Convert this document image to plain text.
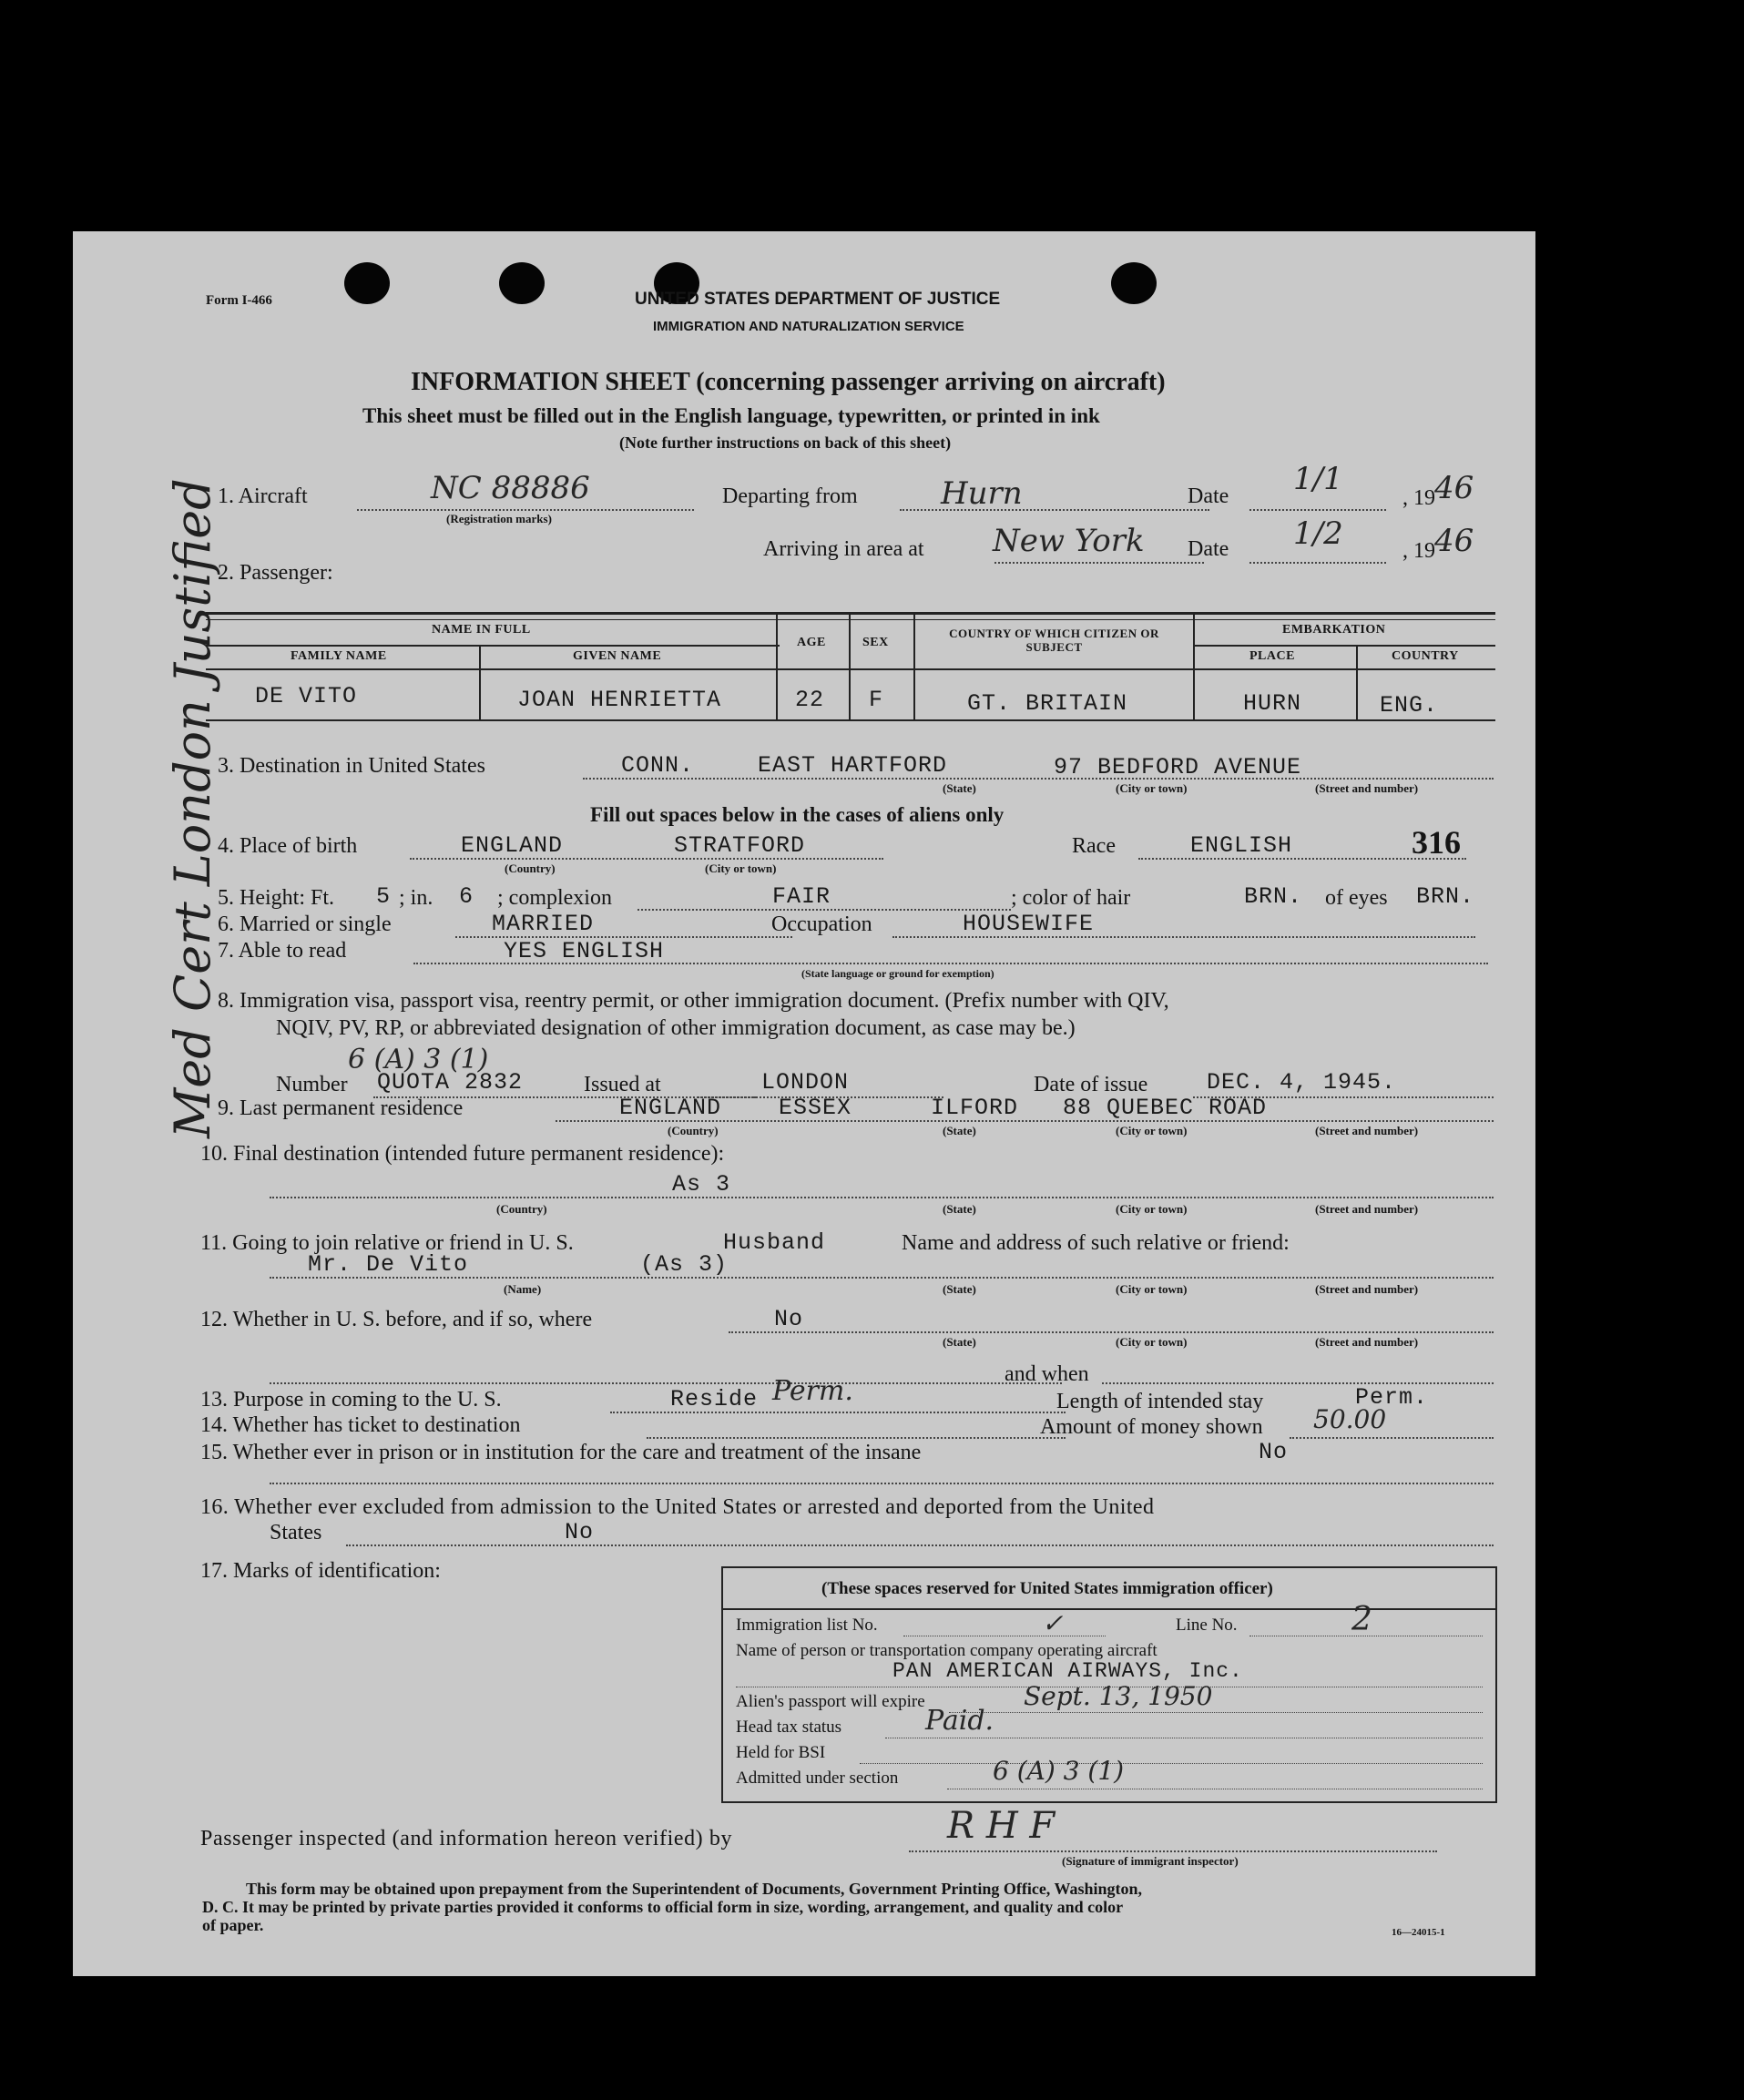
Form I-466	UNITED STATES DEPARTMENT OF JUSTICE
IMMIGRATION AND NATURALIZATION SERVICE
INFORMATION SHEET (concerning passenger arriving on aircraft)
This sheet must be filled out in the English language, typewritten, or printed in ink
(Note further instructions on back of this sheet)
1. Aircraft	NC 88886
(Registration marks)
Departing from	Hurn	Date 1/1
, 19 46
Arriving in area at New York Date 1/2	, 19 46
2. Passenger:
NAME IN FULL
FAMILY NAME	GIVEN NAME
AGE	SEX
COUNTRY OF WHICH CITIZEN OR SUBJECT
EMBARKATION
PLACE	COUNTRY
DE VITO	JOAN HENRIETTA	22 F	GT. BRITAIN	HURN	ENG.
3. Destination in United States	CONN.	EAST HARTFORD	97 BEDFORD AVENUE
(State)	(City or town)	(Street and number)
Fill out spaces below in the cases of aliens only
4. Place of birth	ENGLAND	STRATFORD
(Country)	(City or town)
Race	ENGLISH	316
5. Height: Ft. 5 ; in. 6 ; complexion	FAIR	; color of hair	BRN. of eyes BRN.
6. Married or single	MARRIED	Occupation	HOUSEWIFE
7. Able to read	YES ENGLISH
(State language or ground for exemption)
8. Immigration visa, passport visa, reentry permit, or other immigration document. (Prefix number with QIV,
NQIV, PV, RP, or abbreviated designation of other immigration document, as case may be.)
6 (A) 3 (1)
Number QUOTA 2832	Issued at	LONDON	Date of issue	DEC. 4, 1945.
9. Last permanent residence	ENGLAND	ESSEX	ILFORD 88 QUEBEC ROAD
(Country)	(State)	(City or town)	(Street and number)
10. Final destination (intended future permanent residence):
As 3
(Country)	(State)	(City or town)	(Street and number)
11. Going to join relative or friend in U. S.	Husband	Name and address of such relative or friend:
Mr. De Vito	(As 3)
(Name)	(State)	(City or town)	(Street and number)
12. Whether in U. S. before, and if so, where	No
(State)	(City or town)	(Street and number)
and when
13. Purpose in coming to the U. S.	Reside Perm.	Length of intended stay	Perm.
14. Whether has ticket to destination	Amount of money shown 50.00
15. Whether ever in prison or in institution for the care and treatment of the insane	No
16. Whether ever excluded from admission to the United States or arrested and deported from the United
States	No
17. Marks of identification:
(These spaces reserved for United States immigration officer)
Immigration list No.	✓	Line No.	2
Name of person or transportation company operating aircraft
PAN AMERICAN AIRWAYS, Inc.
Alien's passport will expire	Sept. 13, 1950
Head tax status	Paid.
Held for BSI
Admitted under section	6 (A) 3 (1)
Passenger inspected (and information hereon verified) by	R H F
(Signature of immigrant inspector)
This form may be obtained upon prepayment from the Superintendent of Documents, Government Printing Office, Washington,
D. C. It may be printed by private parties provided it conforms to official form in size, wording, arrangement, and quality and color
of paper.	16—24015-1
Med Cert London Justified
